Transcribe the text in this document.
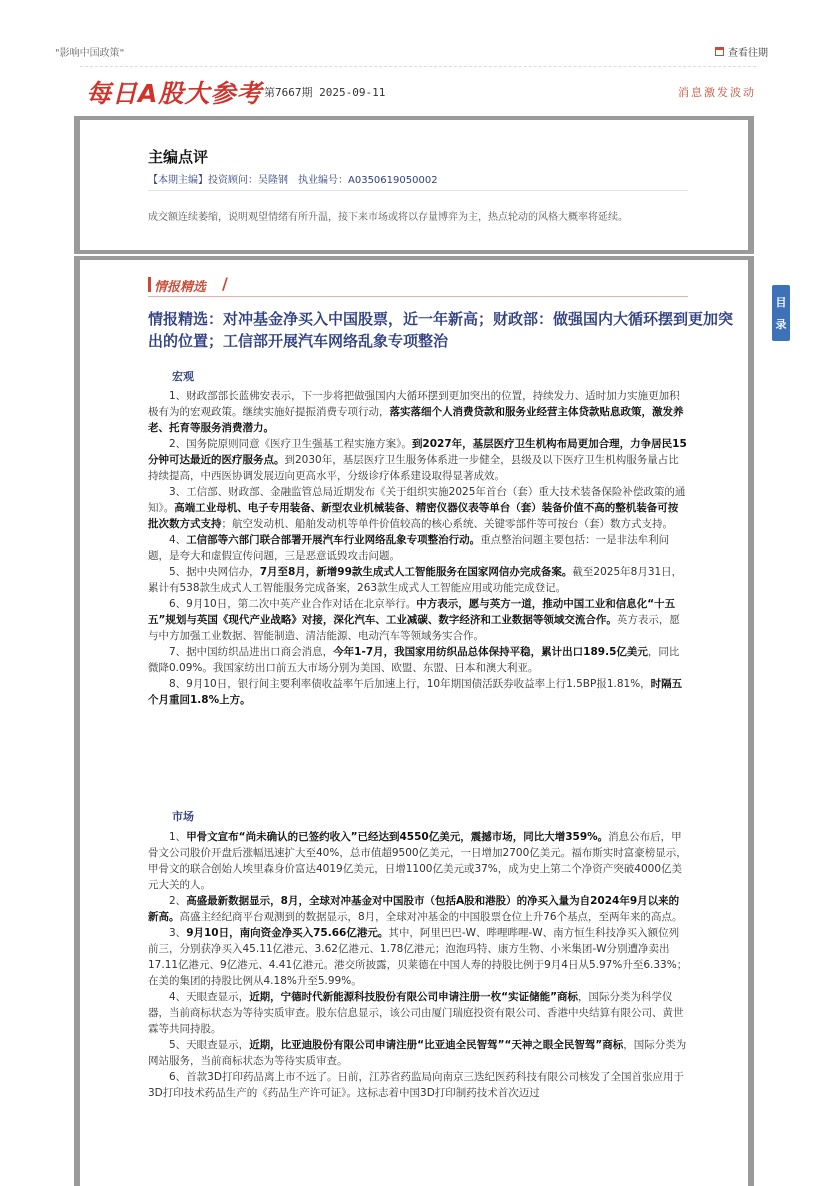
"影响中国政策"	查看往期
每日A股大参考 第7667期 2025-09-11	消息激发波动
主编点评
【本期主编】投资顾问：吴隆钢　执业编号：A0350619050002
成交额连续萎缩，说明观望情绪有所升温，接下来市场或将以存量博弈为主，热点轮动的风格大概率将延续。
情报精选 /
情报精选：对冲基金净买入中国股票，近一年新高；财政部：做强国内大循环摆到更加突出的位置；工信部开展汽车网络乱象专项整治
宏观

1、财政部部长蓝佛安表示，下一步将把做强国内大循环摆到更加突出的位置，持续发力、适时加力实施更加积极有为的宏观政策。继续实施好提振消费专项行动，落实落细个人消费贷款和服务业经营主体贷款贴息政策，激发养老、托育等服务消费潜力。

2、国务院原则同意《医疗卫生强基工程实施方案》。到2027年，基层医疗卫生机构布局更加合理，力争居民15分钟可达最近的医疗服务点。到2030年，基层医疗卫生服务体系进一步健全，县级及以下医疗卫生机构服务量占比持续提高，中西医协调发展迈向更高水平，分级诊疗体系建设取得显著成效。

3、工信部、财政部、金融监管总局近期发布《关于组织实施2025年首台（套）重大技术装备保险补偿政策的通知》。高端工业母机、电子专用装备、新型农业机械装备、精密仪器仪表等单台（套）装备价值不高的整机装备可按批次数方式支持；航空发动机、船舶发动机等单件价值较高的核心系统、关键零部件等可按台（套）数方式支持。

4、工信部等六部门联合部署开展汽车行业网络乱象专项整治行动。重点整治问题主要包括：一是非法牟利问题，是夸大和虚假宣传问题，三是恶意诋毁攻击问题。

5、据中央网信办，7月至8月，新增99款生成式人工智能服务在国家网信办完成备案。截至2025年8月31日，累计有538款生成式人工智能服务完成备案，263款生成式人工智能应用或功能完成登记。

6、9月10日，第二次中英产业合作对话在北京举行。中方表示，愿与英方一道，推动中国工业和信息化“十五五”规划与英国《现代产业战略》对接，深化汽车、工业减碳、数字经济和工业数据等领域交流合作。英方表示，愿与中方加强工业数据、智能制造、清洁能源、电动汽车等领域务实合作。

7、据中国纺织品进出口商会消息，今年1-7月，我国家用纺织品总体保持平稳，累计出口189.5亿美元，同比微降0.09%。我国家纺出口前五大市场分别为美国、欧盟、东盟、日本和澳大利亚。

8、9月10日，银行间主要利率债收益率午后加速上行，10年期国债活跃券收益率上行1.5BP报1.81%，时隔五个月重回1.8%上方。

市场

1、甲骨文宣布“尚未确认的已签约收入”已经达到4550亿美元，震撼市场，同比大增359%。消息公布后，甲骨文公司股价开盘后涨幅迅速扩大至40%，总市值超9500亿美元，一日增加2700亿美元。福布斯实时富豪榜显示，甲骨文的联合创始人埃里森身价富达4019亿美元，日增1100亿美元或37%，成为史上第二个净资产突破4000亿美元大关的人。

2、高盛最新数据显示，8月，全球对冲基金对中国股市（包括A股和港股）的净买入量为自2024年9月以来的新高。高盛主经纪商平台观测到的数据显示，8月，全球对冲基金的中国股票仓位上升76个基点，至两年来的高点。

3、9月10日，南向资金净买入75.66亿港元。其中，阿里巴巴-W、哔哩哔哩-W、南方恒生科技净买入额位列前三，分别获净买入45.11亿港元、3.62亿港元、1.78亿港元；泡泡玛特、康方生物、小米集团-W分别遭净卖出17.11亿港元、9亿港元、4.41亿港元。港交所披露，贝莱德在中国人寿的持股比例于9月4日从5.97%升至6.33%；在美的集团的持股比例从4.18%升至5.99%。

4、天眼查显示，近期，宁德时代新能源科技股份有限公司申请注册一枚“实证储能”商标，国际分类为科学仪器，当前商标状态为等待实质审查。股东信息显示，该公司由厦门瑞庭投资有限公司、香港中央结算有限公司、黄世霖等共同持股。

5、天眼查显示，近期，比亚迪股份有限公司申请注册“比亚迪全民智驾”“天神之眼全民智驾”商标，国际分类为网站服务，当前商标状态为等待实质审查。

6、首款3D打印药品离上市不远了。日前，江苏省药监局向南京三迭纪医药科技有限公司核发了全国首张应用于3D打印技术药品生产的《药品生产许可证》。这标志着中国3D打印制药技术首次迈过

目
录
